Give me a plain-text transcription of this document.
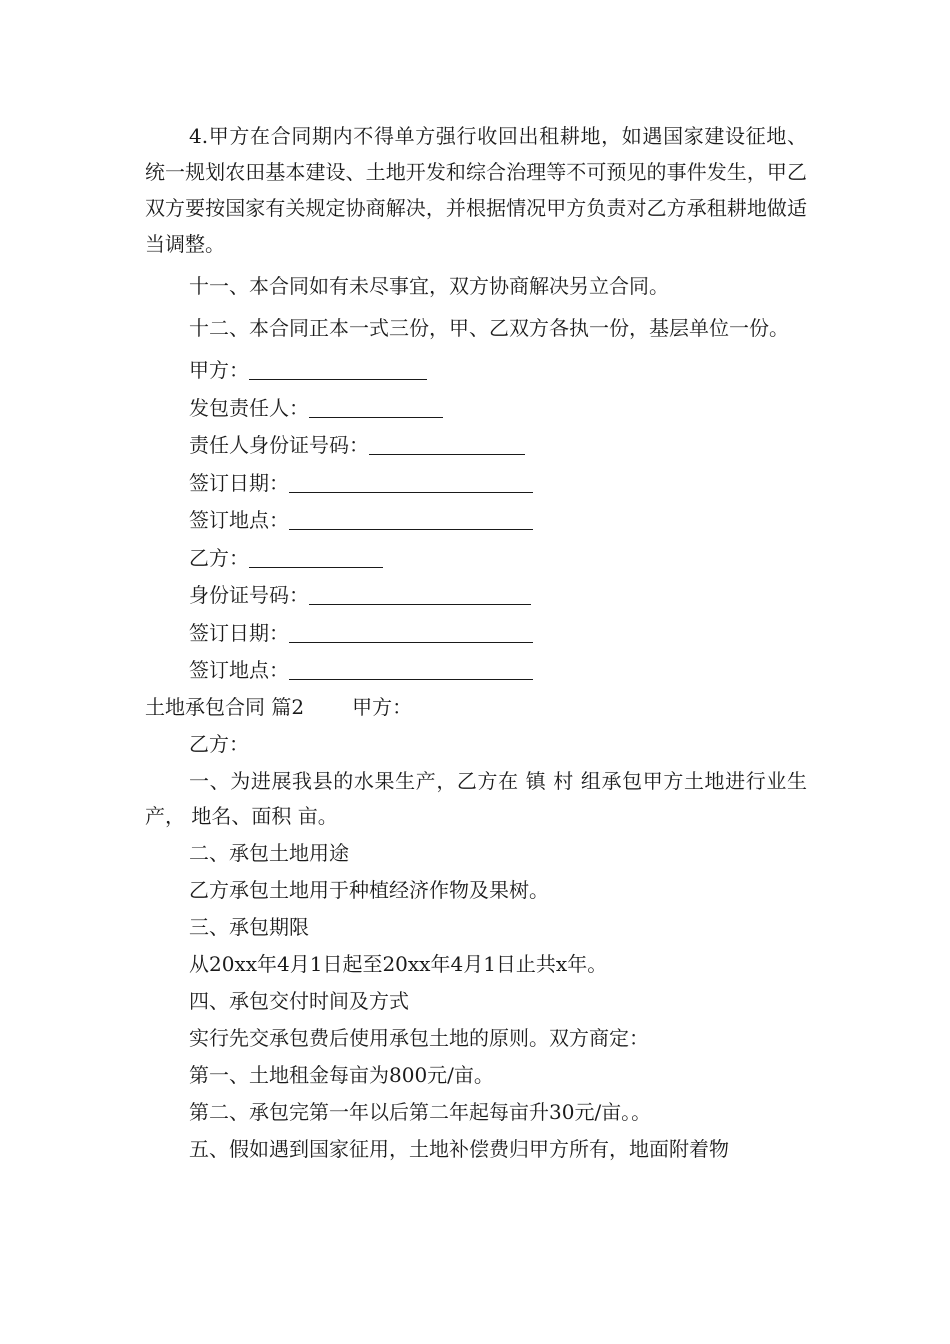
4.甲方在合同期内不得单方强行收回出租耕地，如遇国家建设征地、统一规划农田基本建设、土地开发和综合治理等不可预见的事件发生，甲乙双方要按国家有关规定协商解决，并根据情况甲方负责对乙方承租耕地做适当调整。

十一、本合同如有未尽事宜，双方协商解决另立合同。

十二、本合同正本一式三份，甲、乙双方各执一份，基层单位一份。

甲方：
发包责任人：
责任人身份证号码：
签订日期：
签订地点：
乙方：
身份证号码：
签订日期：
签订地点：

土地承包合同 篇2 甲方：

乙方：

一、为进展我县的水果生产，乙方在 镇 村 组承包甲方土地进行业生产， 地名、面积 亩。

二、承包土地用途

乙方承包土地用于种植经济作物及果树。

三、承包期限

从20xx年4月1日起至20xx年4月1日止共x年。

四、承包交付时间及方式

实行先交承包费后使用承包土地的原则。双方商定：

第一、土地租金每亩为800元/亩。

第二、承包完第一年以后第二年起每亩升30元/亩。。

五、假如遇到国家征用，土地补偿费归甲方所有，地面附着物
